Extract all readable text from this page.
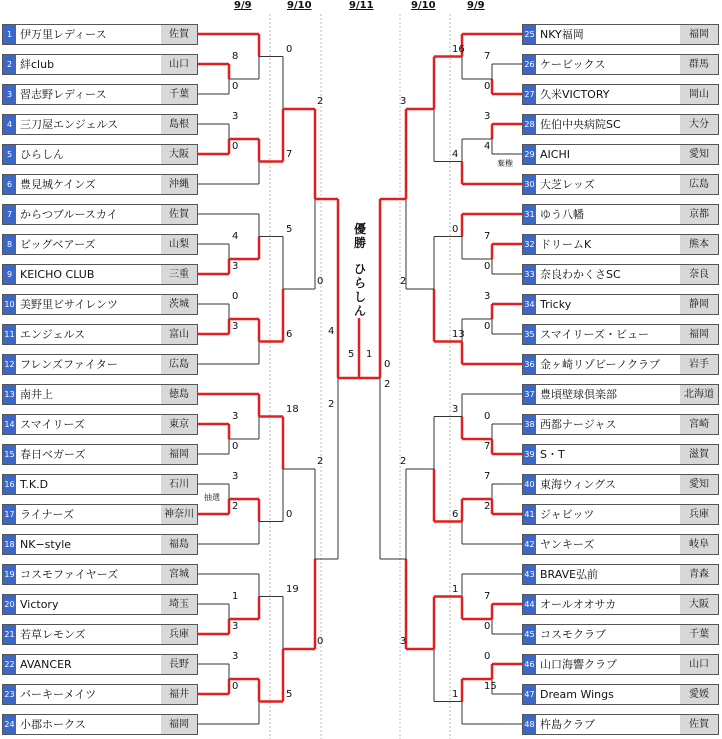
1 伊万里レディース	佐賀
2 絆club	山口
3 習志野レディース	千葉
4 三刀屋エンジェルス	島根
5 ひらしん	大阪
6 豊見城ケインズ	沖縄
7 からつブルースカイ	佐賀
8 ビッグベアーズ	山梨
9 KEICHO CLUB	三重
10 美野里ビサイレンツ	茨城
11 エンジェルス	富山
12 フレンズファイター	広島
13 南井上	徳島
14 スマイリーズ	東京
15 春日ベガーズ	福岡
16 T.K.D	石川
17 ライナーズ	神奈川
18 NK−style	福島
19 コスモファイヤーズ	宮城
20 Victory	埼玉
21 若草レモンズ	兵庫
22 AVANCER	長野
23 バーキーメイツ	福井
24 小郡ホークス	福岡
25 NKY福岡	福岡
26 ケービックス	群馬
27 久米VICTORY	岡山
28 佐伯中央病院SC	大分
29 AICHI	愛知
30 大芝レッズ	広島
31 ゆう八幡	京都
32 ドリームK	熊本
33 奈良わかくさSC	奈良
34 Tricky	静岡
35 スマイリーズ・ビュー	福岡
36 金ヶ崎リゾビーノクラブ	岩手
37 豊頃壁球倶楽部	北海道
38 西都ナージャス	宮崎
39 S・T	滋賀
40 東海ウィングス	愛知
41 ジャビッツ	兵庫
42 ヤンキーズ	岐阜
43 BRAVE弘前	青森
44 オールオオサカ	大阪
45 コスモクラブ	千葉
46 山口海響クラブ	山口
47 Dream Wings	愛媛
48 杵島クラブ	佐賀
8
0
3
0
4
3
0
3
3
0
3
2
1
3
3
0
0
7
5
6
18
0
19
5
2
0
2
0
4
2
7
0
3
4
7
0
3
0
0
7
7
2
7
0
0
15
16
4
0
13
3
6
1
1
3
2
2
3
0
2
5 1
9/9	9/10	9/11	9/10	9/9
優勝
ひらしん
棄権
抽選
